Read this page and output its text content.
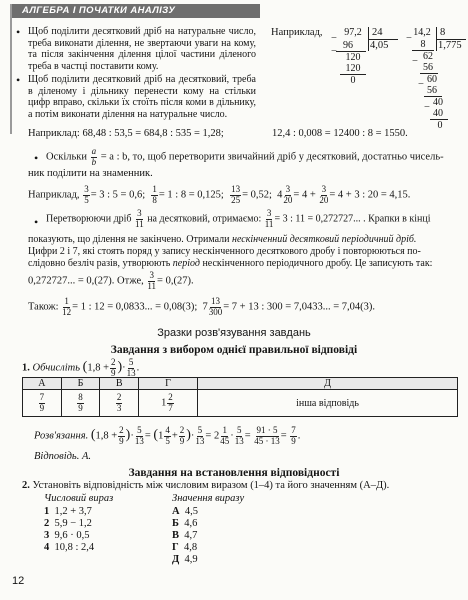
АЛГЕБРА І ПОЧАТКИ АНАЛІЗУ
• Щоб поділити десятковий дріб на натуральне число, треба виконати ділення, не звертаючи уваги на кому, та після закінчення ділення цілої частини діленого треба в частці поставити кому.
• Щоб поділити десятковий дріб на десятковий, треба в діленому і дільнику перенести кому на стільки цифр вправо, скільки їх стоїть після коми в дільнику, а потім виконати ділення на натуральне число.
Наприклад,	97,2 24
4,05
−
96
−
120
120
0
14,2 8
1,775
−
8
− 62
56
− 60
56
− 40
40
0
Наприклад: 68,48 : 53,5 = 684,8 : 535 = 1,28;	12,4 : 0,008 = 12400 : 8 = 1550.
• Оскільки $\frac{a}{b} = a$ : b, то, щоб перетворити звичайний дріб у десятковий, достатньо чисель-
ник поділити на знаменник.
Наприклад, $\frac{3}{5} = 3$ : 5 = 0,6; $\frac{1}{8} = 1$ : 8 = 0,125; $\frac{13}{25} = 0,52$; $4 \frac{3}{20} = 4 + \frac{3}{20} = 4 + 3$ : 20 = 4,15.
• Перетворюючи дріб $\frac{3}{11}$ на десятковий, отримаємо: $\frac{3}{11} = 3$ : 11 = 0,272727... . Крапки в кінці
показують, що ділення не закінчено. Отримали нескінченний десятковий періодичний дріб.
Цифри 2 і 7, які стоять поряд у запису нескінченного десяткового дробу і повторюються по-
слідовно безліч разів, утворюють період нескінченного періодичного дробу. Це записують так:
0,272727... = 0,(27). Отже, $\frac{3}{11} = 0,(27)$.
Також: $\frac{1}{12} = 1$ : 12 = 0,0833... = 0,08(3); $7 \frac{13}{300} = 7 + 13$ : 300 = 7,0433... = 7,04(3).
Зразки розв'язування завдань
Завдання з вибором однієї правильної відповіді
1. Обчисліть ($1,8 + \frac{2}{9}$ )· $\frac{5}{13}$ .
А	Б	В	Г	Д

$\frac{7}{9}$	$\frac{8}{9}$	$\frac{2}{3}$	$1 \frac{2}{7}$	інша відповідь
Розв'язання. ($1,8 + \frac{2}{9}$ )· $\frac{5}{13} = (1 \frac{4}{5} + \frac{2}{9}$ )· $\frac{5}{13} = 2 \frac{1}{45} \cdot \frac{5}{13} = \frac{91 \cdot 5}{45 \cdot 13} = \frac{7}{9}$ .
Відповідь. А.
Завдання на встановлення відповідності
2. Установіть відповідність між числовим виразом (1–4) та його значенням (А–Д).
Числовий вираз	Значення виразу
1 1,2 + 3,7
2 5,9 − 1,2
3 9,6 · 0,5
4 10,8 : 2,4
А 4,5
Б 4,6
В 4,7
Г 4,8
Д 4,9
12
